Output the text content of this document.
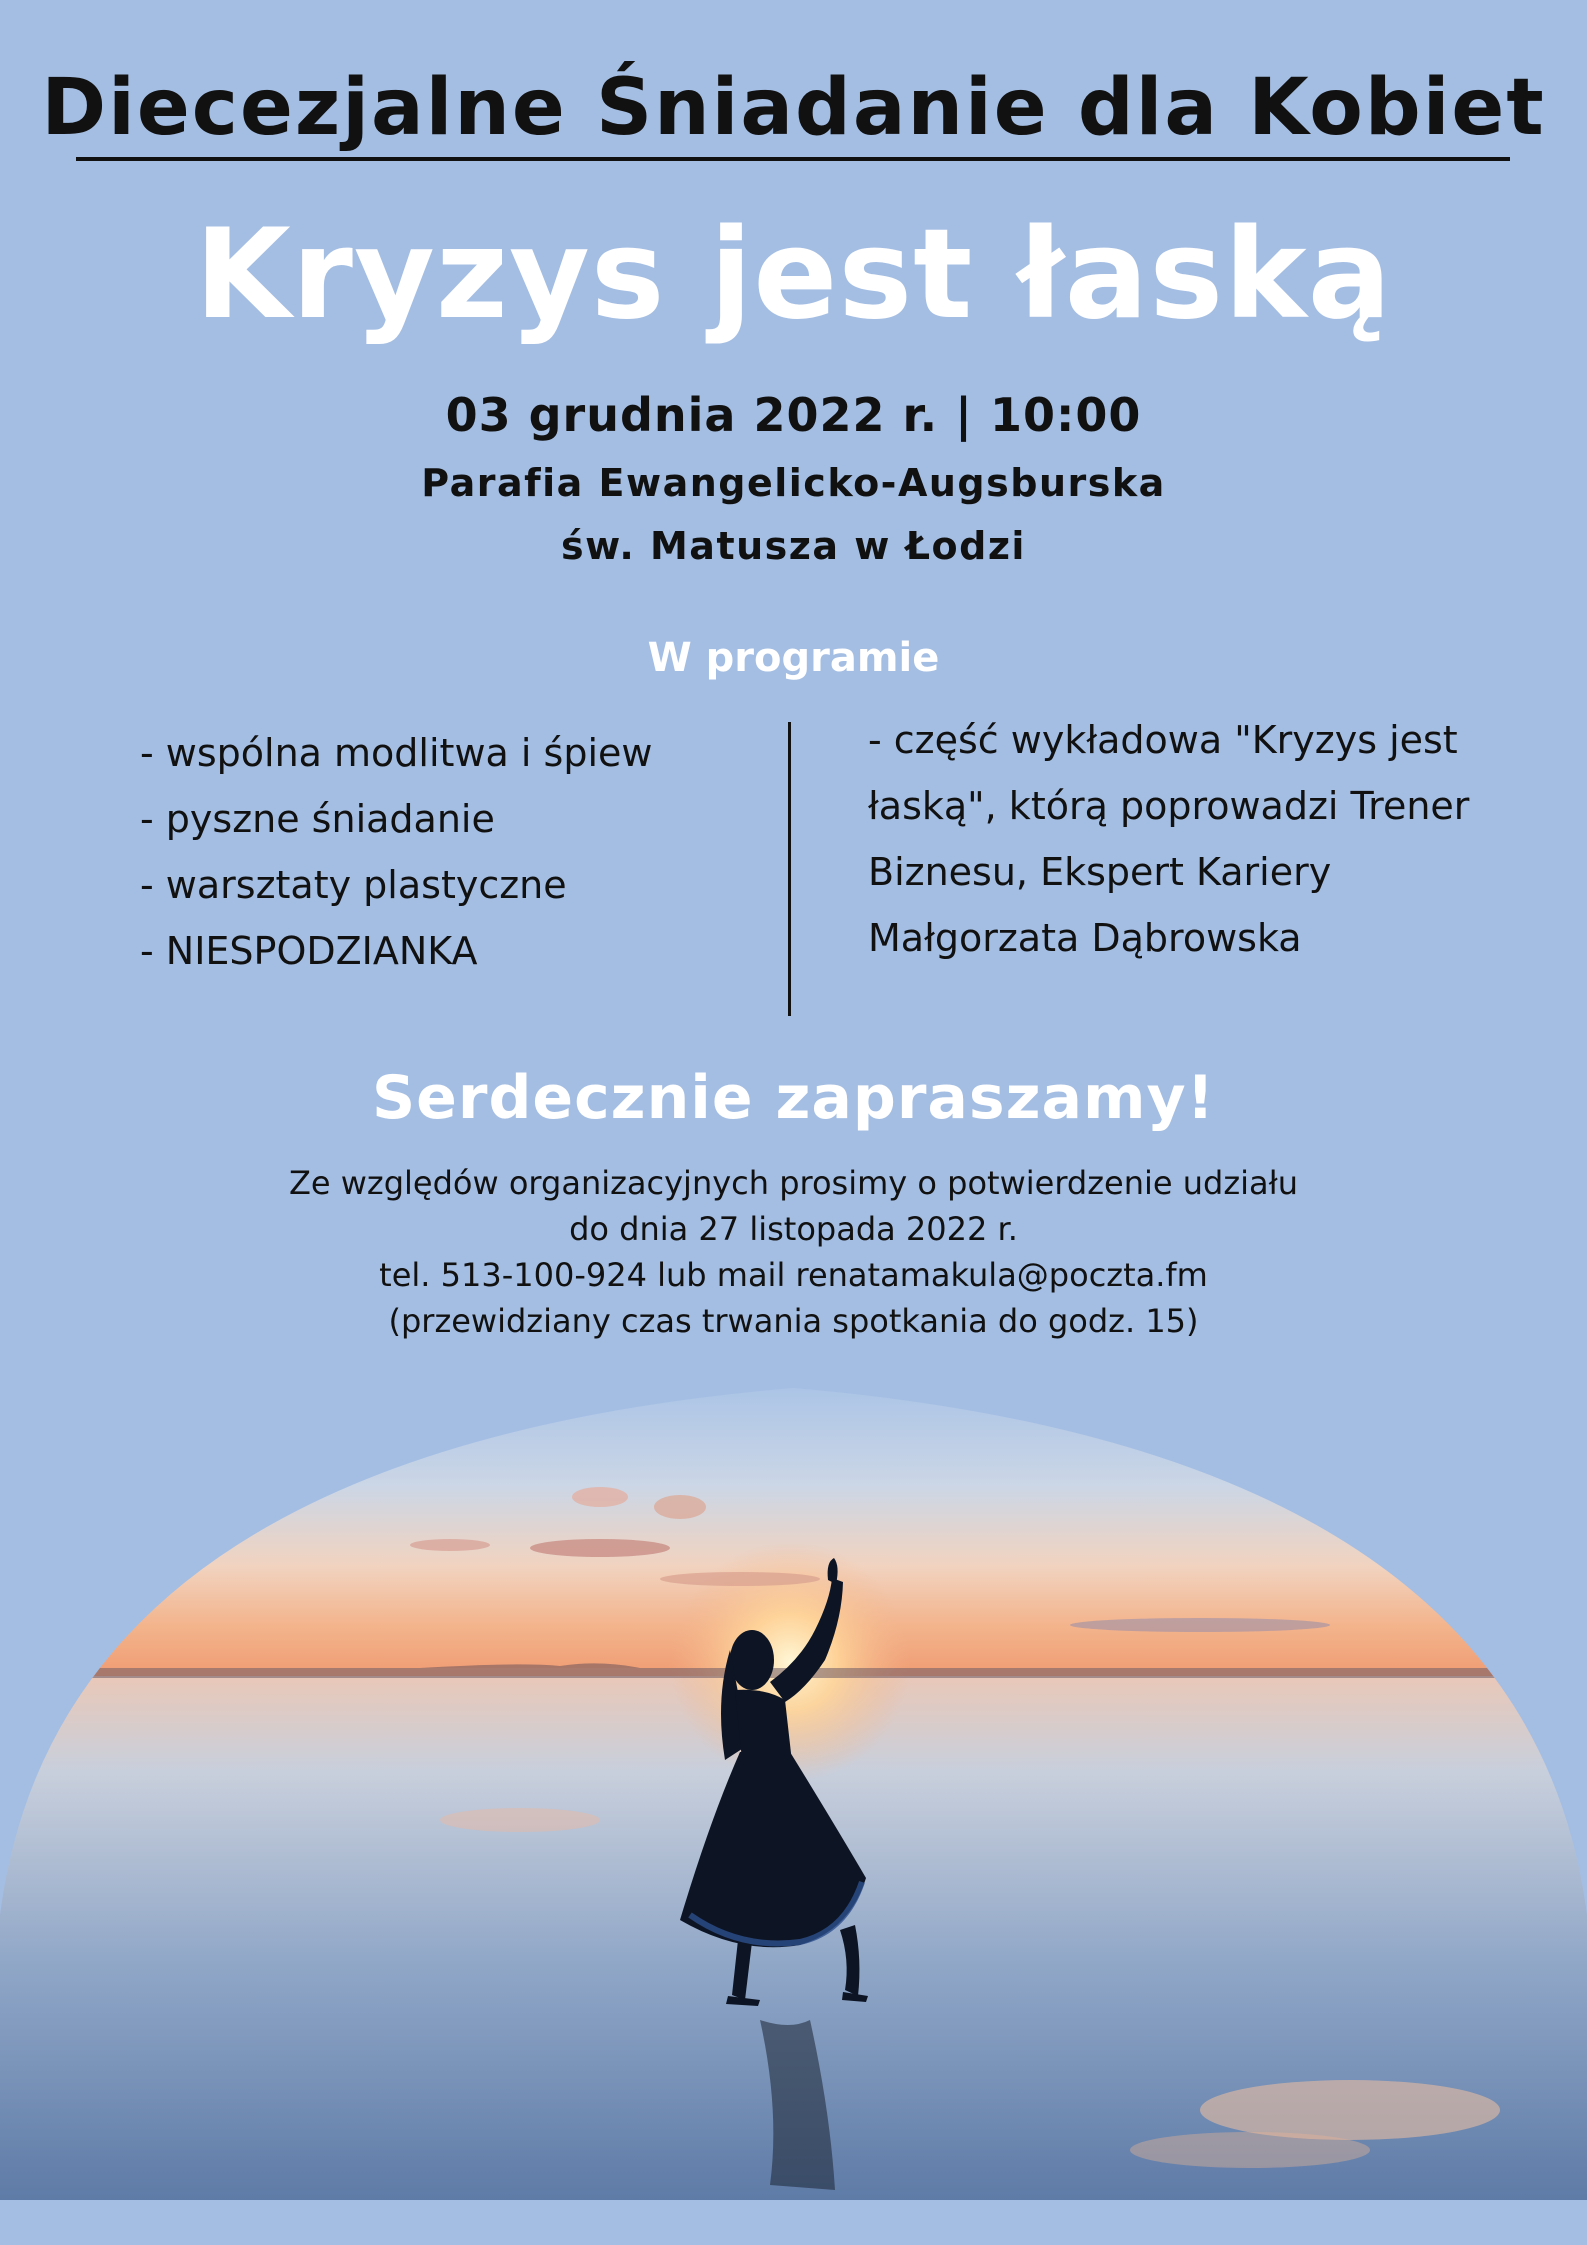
Diecezjalne Śniadanie dla Kobiet
Kryzys jest łaską
03 grudnia 2022 r. | 10:00
Parafia Ewangelicko-Augsburska
św. Matusza w Łodzi
W programie
- wspólna modlitwa i śpiew
- pyszne śniadanie
- warsztaty plastyczne
- NIESPODZIANKA
- część wykładowa "Kryzys jest
łaską", którą poprowadzi Trener
Biznesu, Ekspert Kariery
Małgorzata Dąbrowska
Serdecznie zapraszamy!
Ze względów organizacyjnych prosimy o potwierdzenie udziału
do dnia 27 listopada 2022 r.
tel. 513-100-924 lub mail renatamakula@poczta.fm
(przewidziany czas trwania spotkania do godz. 15)
